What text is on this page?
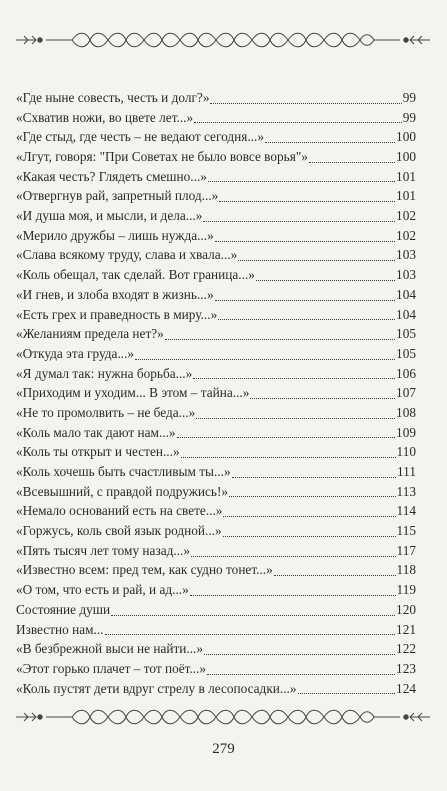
«Где ныне совесть, честь и долг?»	99
«Схватив ножи, во цвете лет...»	99
«Где стыд, где честь – не ведают сегодня...»	100
«Лгут, говоря: "При Советах не было вовсе ворья"»	100
«Какая честь? Глядеть смешно...»	101
«Отвергнув рай, запретный плод...»	101
«И душа моя, и мысли, и дела...»	102
«Мерило дружбы – лишь нужда...»	102
«Слава всякому труду, слава и хвала...»	103
«Коль обещал, так сделай. Вот граница...»	103
«И гнев, и злоба входят в жизнь...»	104
«Есть грех и праведность в миру...»	104
«Желаниям предела нет?»	105
«Откуда эта груда...»	105
«Я думал так: нужна борьба...»	106
«Приходим и уходим... В этом – тайна...»	107
«Не то промолвить – не беда...»	108
«Коль мало так дают нам...»	109
«Коль ты открыт и честен...»	110
«Коль хочешь быть счастливым ты...»	111
«Всевышний, с правдой подружись!»	113
«Немало оснований есть на свете...»	114
«Горжусь, коль свой язык родной...»	115
«Пять тысяч лет тому назад...»	117
«Известно всем: пред тем, как судно тонет...»	118
«О том, что есть и рай, и ад...»	119
Состояние души	120
Известно нам...	121
«В безбрежной выси не найти...»	122
«Этот горько плачет – тот поёт...»	123
«Коль пустят дети вдруг стрелу в лесопосадки...»	124
279
